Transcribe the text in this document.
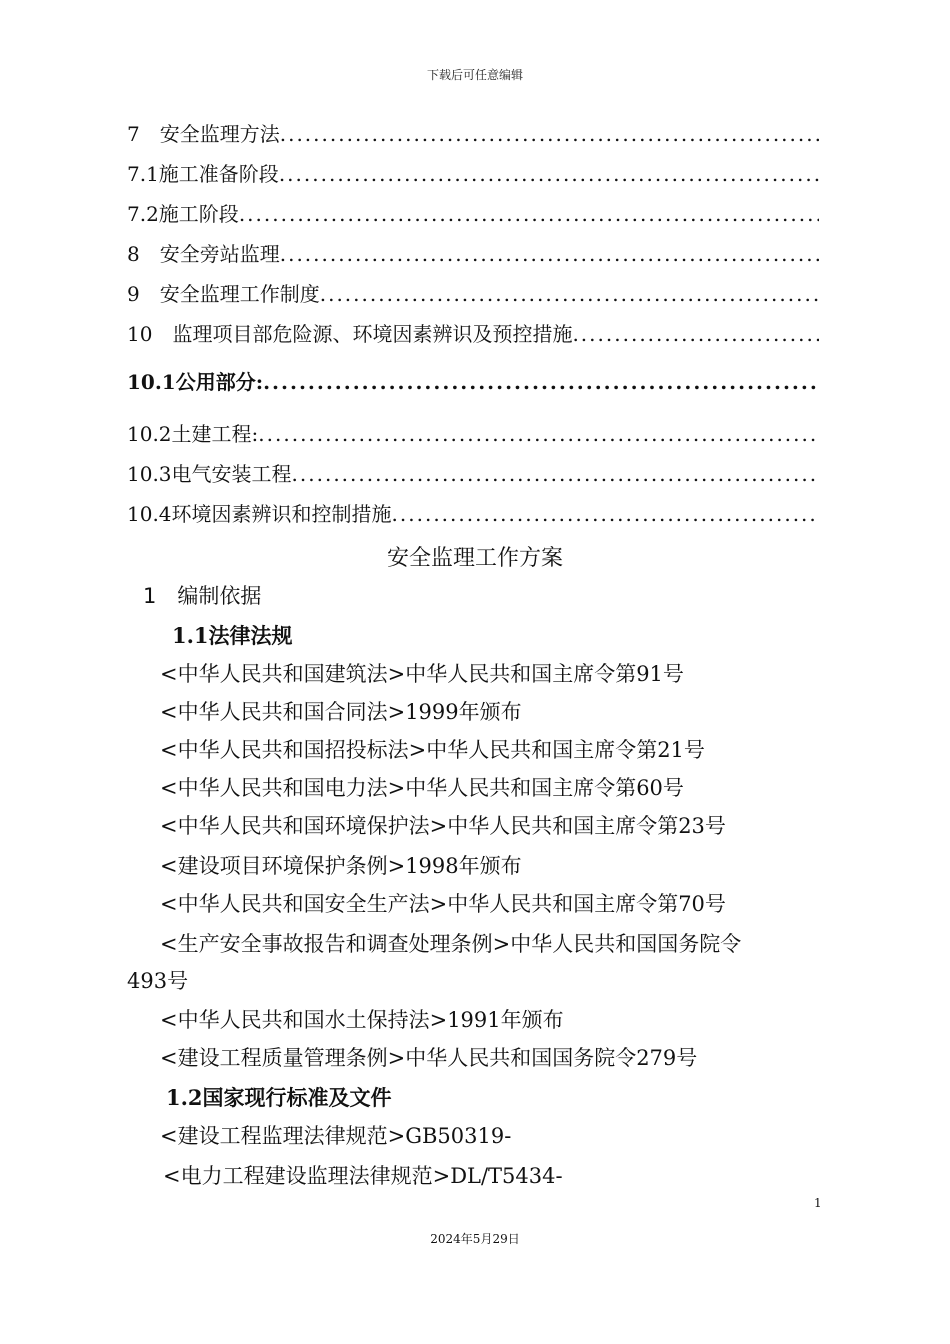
下载后可任意编辑
7　安全监理方法
.....
7.1施工准备阶段
.....
7.2施工阶段
.....
8　安全旁站监理
.....
9　安全监理工作制度
.....
10　监理项目部危险源、环境因素辨识及预控措施
.....
10.1公用部分:
.....
10.2土建工程:
.....
10.3电气安装工程
.....
10.4环境因素辨识和控制措施
.....
安全监理工作方案
1　编制依据
1.1法律法规
<中华人民共和国建筑法>中华人民共和国主席令第91号
<中华人民共和国合同法>1999年颁布
<中华人民共和国招投标法>中华人民共和国主席令第21号
<中华人民共和国电力法>中华人民共和国主席令第60号
<中华人民共和国环境保护法>中华人民共和国主席令第23号
<建设项目环境保护条例>1998年颁布
<中华人民共和国安全生产法>中华人民共和国主席令第70号
<生产安全事故报告和调查处理条例>中华人民共和国国务院令
493号
<中华人民共和国水土保持法>1991年颁布
<建设工程质量管理条例>中华人民共和国国务院令279号
1.2国家现行标准及文件
<建设工程监理法律规范>GB50319-
<电力工程建设监理法律规范>DL/T5434-
1
2024年5月29日
